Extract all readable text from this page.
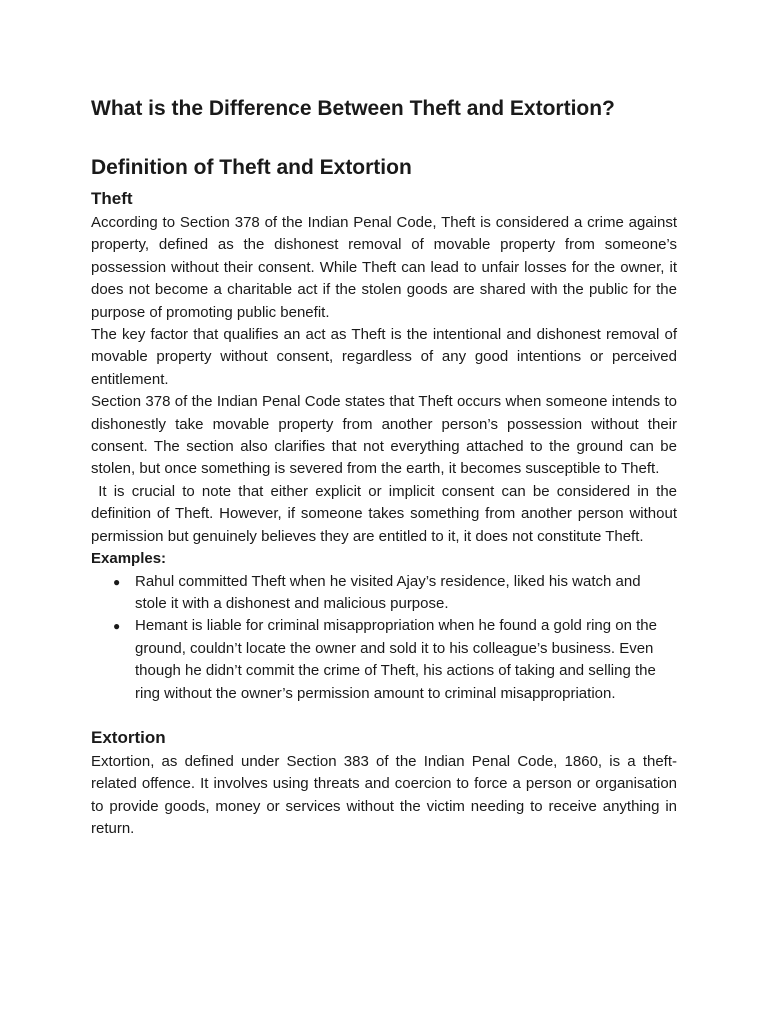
What is the Difference Between Theft and Extortion?
Definition of Theft and Extortion
Theft

According to Section 378 of the Indian Penal Code, Theft is considered a crime against property, defined as the dishonest removal of movable property from someone’s possession without their consent. While Theft can lead to unfair losses for the owner, it does not become a charitable act if the stolen goods are shared with the public for the purpose of promoting public benefit.

The key factor that qualifies an act as Theft is the intentional and dishonest removal of movable property without consent, regardless of any good intentions or perceived entitlement.

Section 378 of the Indian Penal Code states that Theft occurs when someone intends to dishonestly take movable property from another person’s possession without their consent. The section also clarifies that not everything attached to the ground can be stolen, but once something is severed from the earth, it becomes susceptible to Theft.

It is crucial to note that either explicit or implicit consent can be considered in the definition of Theft. However, if someone takes something from another person without permission but genuinely believes they are entitled to it, it does not constitute Theft.

Examples:
● Rahul committed Theft when he visited Ajay’s residence, liked his watch and stole it with a dishonest and malicious purpose.
● Hemant is liable for criminal misappropriation when he found a gold ring on the ground, couldn’t locate the owner and sold it to his colleague’s business. Even though he didn’t commit the crime of Theft, his actions of taking and selling the ring without the owner’s permission amount to criminal misappropriation.
Extortion

Extortion, as defined under Section 383 of the Indian Penal Code, 1860, is a theft-related offence. It involves using threats and coercion to force a person or organisation to provide goods, money or services without the victim needing to receive anything in return.
